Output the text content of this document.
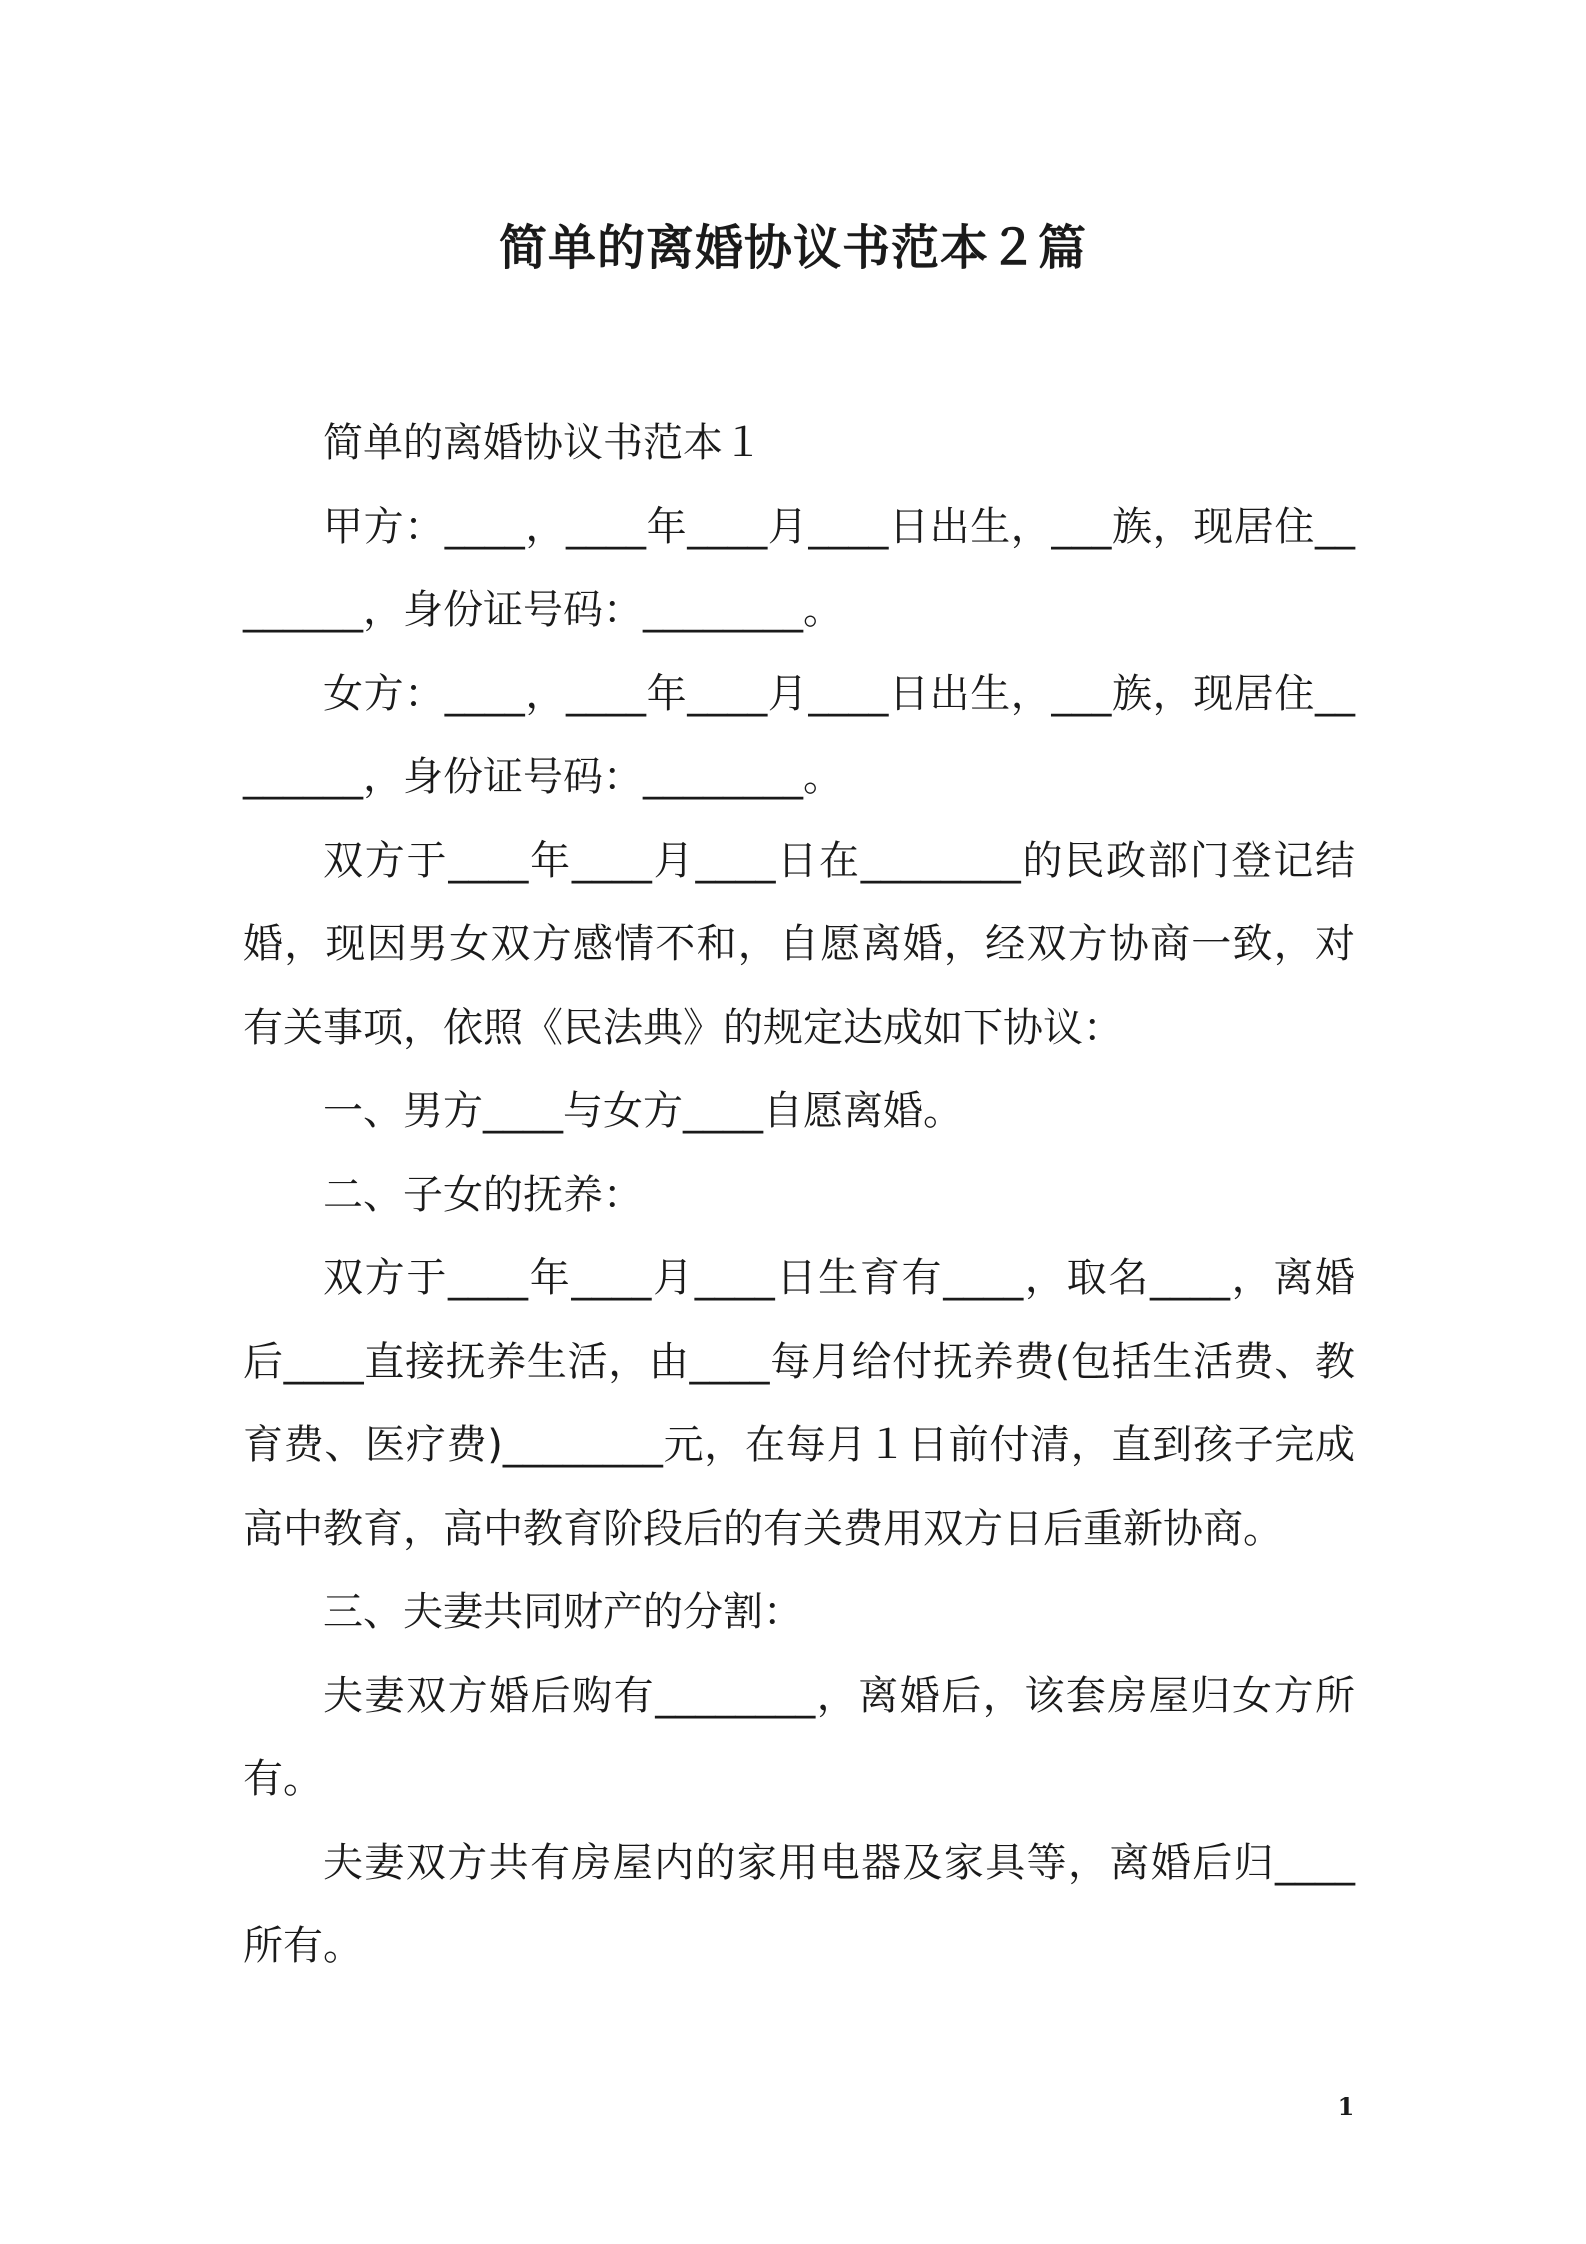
简单的离婚协议书范本２篇

简单的离婚协议书范本１

甲方：____，____年____月____日出生，___族，现居住________，身份证号码：________。

女方：____，____年____月____日出生，___族，现居住________，身份证号码：________。

双方于____年____月____日在________的民政部门登记结婚，现因男女双方感情不和，自愿离婚，经双方协商一致，对有关事项，依照《民法典》的规定达成如下协议：

一、男方____与女方____自愿离婚。

二、子女的抚养：

双方于____年____月____日生育有____，取名____，离婚后____直接抚养生活，由____每月给付抚养费(包括生活费、教育费、医疗费)________元，在每月１日前付清，直到孩子完成高中教育，高中教育阶段后的有关费用双方日后重新协商。

三、夫妻共同财产的分割：

夫妻双方婚后购有________，离婚后，该套房屋归女方所有。

夫妻双方共有房屋内的家用电器及家具等，离婚后归____所有。

1
